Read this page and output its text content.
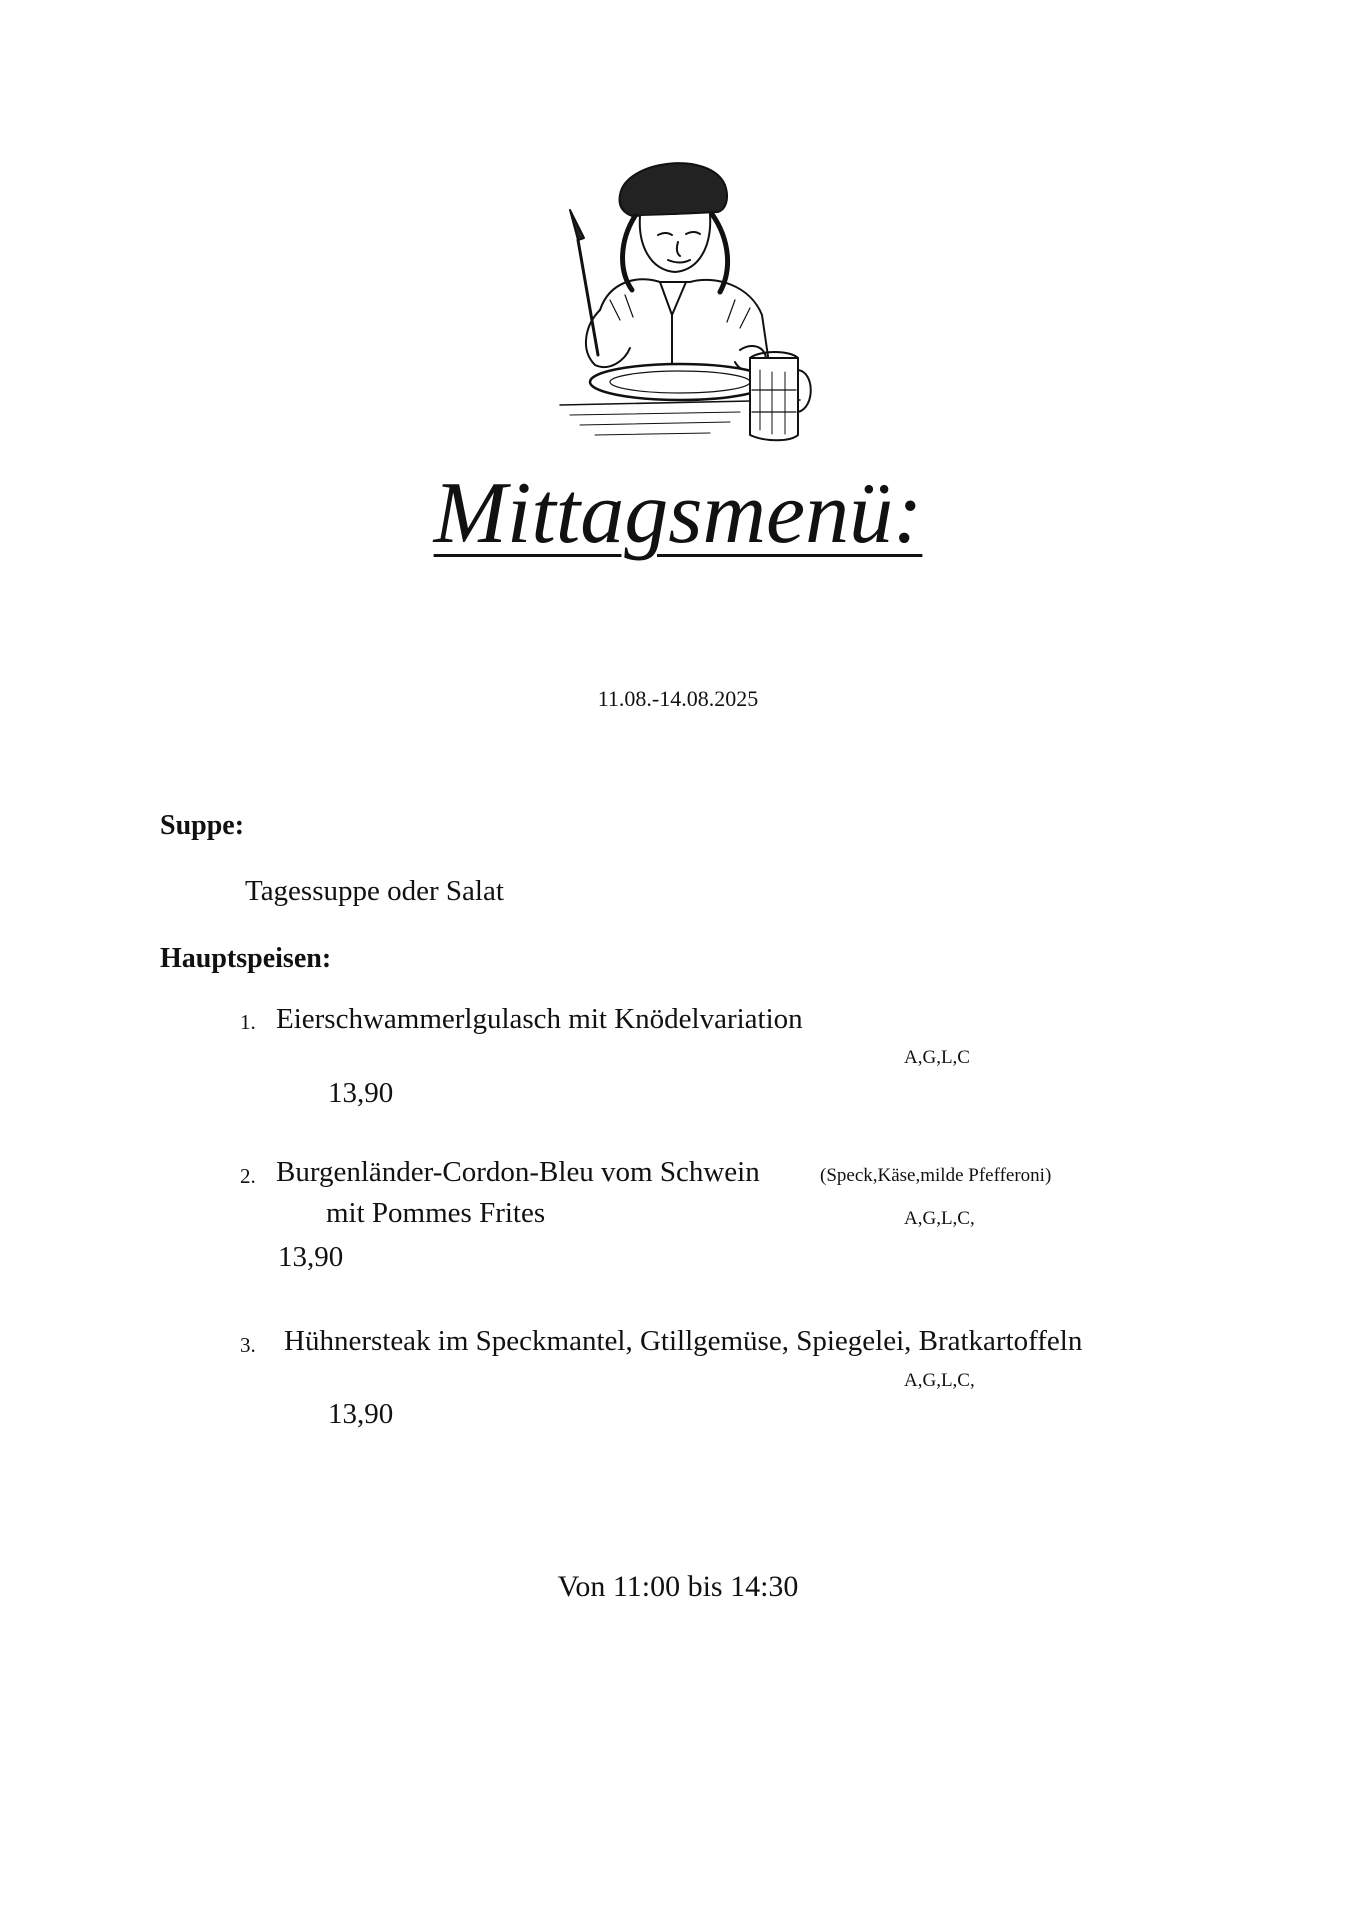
Mittagsmenü:
11.08.-14.08.2025
Suppe:
Tagessuppe oder Salat
Hauptspeisen:
1. Eierschwammerlgulasch mit Knödelvariation
A,G,L,C
13,90
2. Burgenländer-Cordon-Bleu vom Schwein	(Speck,Käse,milde Pfefferoni)
mit Pommes Frites	A,G,L,C,
13,90
3. Hühnersteak im Speckmantel, Gtillgemüse, Spiegelei, Bratkartoffeln
A,G,L,C,
13,90
Von 11:00 bis 14:30
